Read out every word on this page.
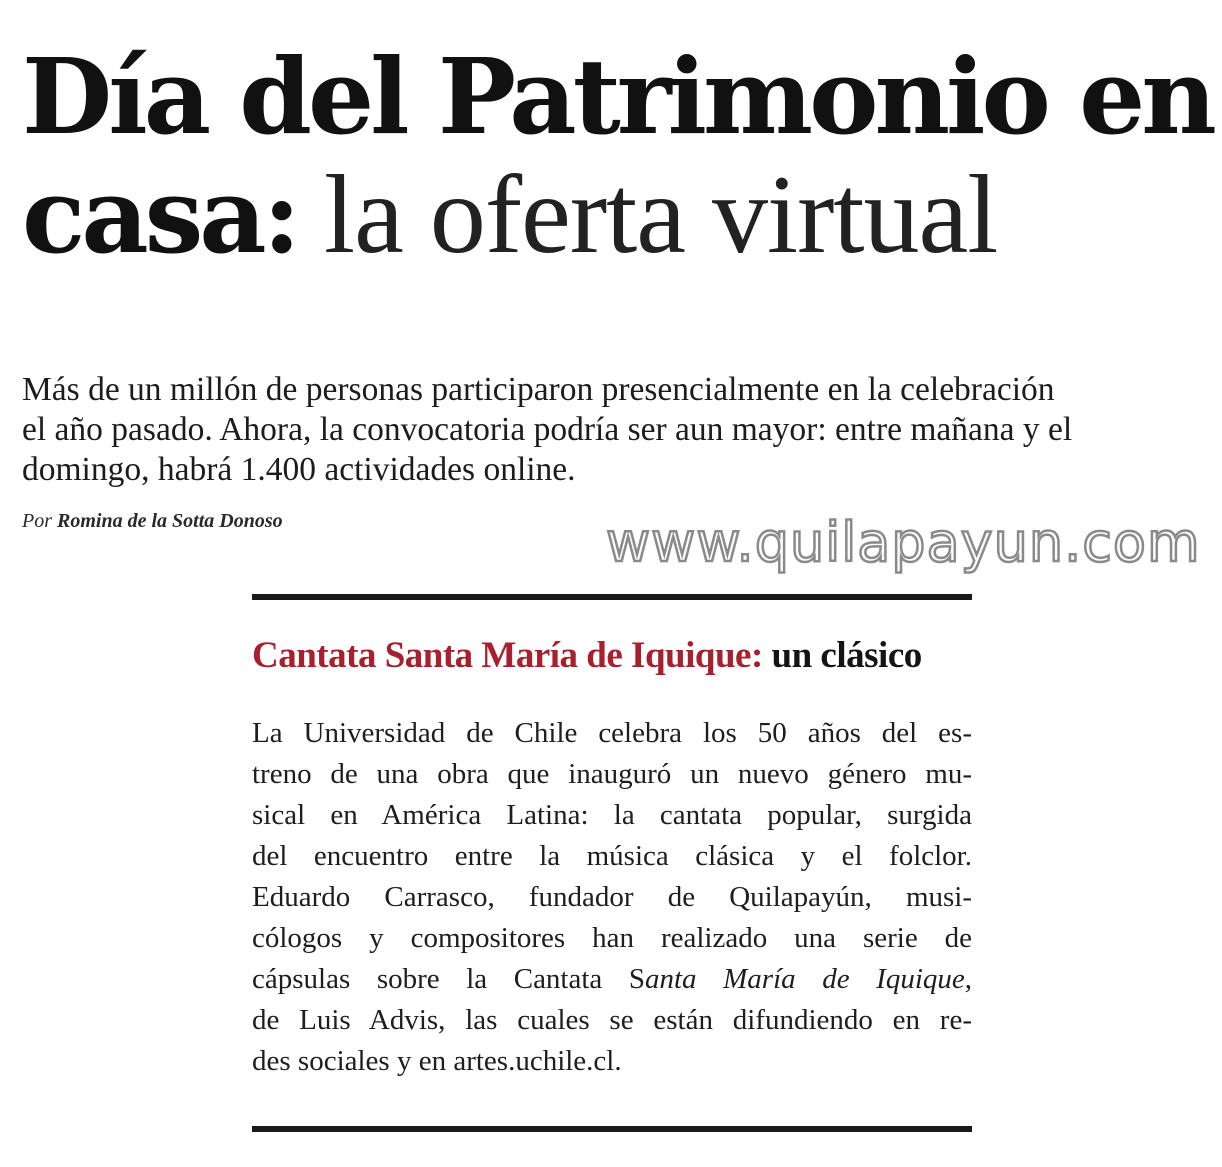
Día del Patrimonio en
casa: la oferta virtual

Más de un millón de personas participaron presencialmente en la celebración el año pasado. Ahora, la convocatoria podría ser aun mayor: entre mañana y el domingo, habrá 1.400 actividades online.

Por Romina de la Sotta Donoso	www.quilapayun.com
Cantata Santa María de Iquique: un clásico
La Universidad de Chile celebra los 50 años del es-
treno de una obra que inauguró un nuevo género mu-
sical en América Latina: la cantata popular, surgida
del encuentro entre la música clásica y el folclor.
Eduardo Carrasco, fundador de Quilapayún, musi-
cólogos y compositores han realizado una serie de
cápsulas sobre la Cantata Santa María de Iquique,
de Luis Advis, las cuales se están difundiendo en re-
des sociales y en artes.uchile.cl.
